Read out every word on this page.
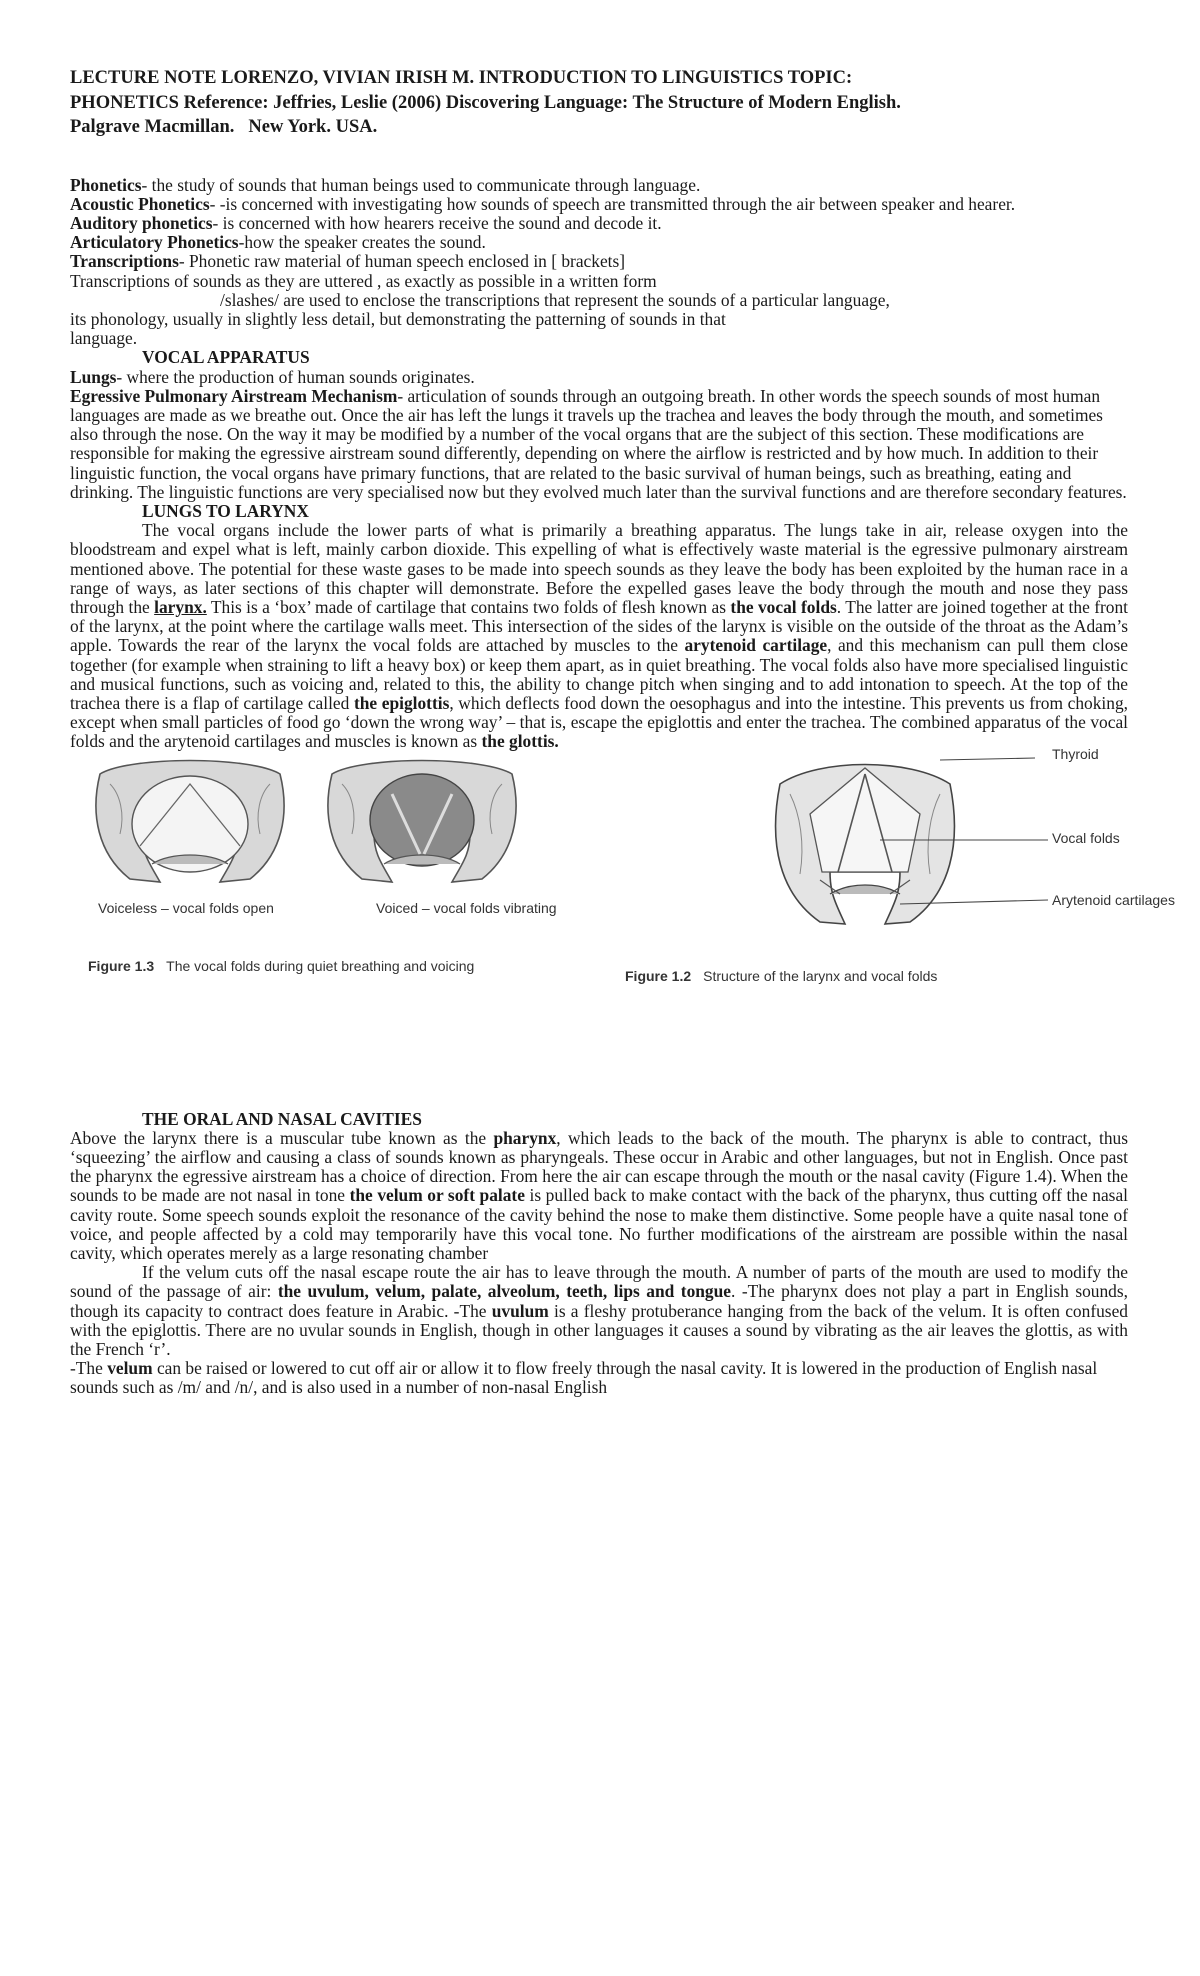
LECTURE NOTE LORENZO, VIVIAN IRISH M. INTRODUCTION TO LINGUISTICS TOPIC:
PHONETICS Reference: Jeffries, Leslie (2006) Discovering Language: The Structure of Modern English.
Palgrave Macmillan. New York. USA.

Phonetics- the study of sounds that human beings used to communicate through language.

Acoustic Phonetics- -is concerned with investigating how sounds of speech are transmitted through the air between speaker and hearer.

Auditory phonetics- is concerned with how hearers receive the sound and decode it.

Articulatory Phonetics-how the speaker creates the sound.

Transcriptions- Phonetic raw material of human speech enclosed in [ brackets]

Transcriptions of sounds as they are uttered , as exactly as possible in a written form

/slashes/ are used to enclose the transcriptions that represent the sounds of a particular language,

its phonology, usually in slightly less detail, but demonstrating the patterning of sounds in that

language.

VOCAL APPARATUS

Lungs- where the production of human sounds originates.

Egressive Pulmonary Airstream Mechanism- articulation of sounds through an outgoing breath. In other words the speech sounds of most human languages are made as we breathe out. Once the air has left the lungs it travels up the trachea and leaves the body through the mouth, and sometimes also through the nose. On the way it may be modified by a number of the vocal organs that are the subject of this section. These modifications are responsible for making the egressive airstream sound differently, depending on where the airflow is restricted and by how much. In addition to their linguistic function, the vocal organs have primary functions, that are related to the basic survival of human beings, such as breathing, eating and drinking. The linguistic functions are very specialised now but they evolved much later than the survival functions and are therefore secondary features.

LUNGS TO LARYNX

The vocal organs include the lower parts of what is primarily a breathing apparatus. The lungs take in air, release oxygen into the bloodstream and expel what is left, mainly carbon dioxide. This expelling of what is effectively waste material is the egressive pulmonary airstream mentioned above. The potential for these waste gases to be made into speech sounds as they leave the body has been exploited by the human race in a range of ways, as later sections of this chapter will demonstrate. Before the expelled gases leave the body through the mouth and nose they pass through the larynx. This is a ‘box’ made of cartilage that contains two folds of flesh known as the vocal folds. The latter are joined together at the front of the larynx, at the point where the cartilage walls meet. This intersection of the sides of the larynx is visible on the outside of the throat as the Adam’s apple. Towards the rear of the larynx the vocal folds are attached by muscles to the arytenoid cartilage, and this mechanism can pull them close together (for example when straining to lift a heavy box) or keep them apart, as in quiet breathing. The vocal folds also have more specialised linguistic and musical functions, such as voicing and, related to this, the ability to change pitch when singing and to add intonation to speech. At the top of the trachea there is a flap of cartilage called the epiglottis, which deflects food down the oesophagus and into the intestine. This prevents us from choking, except when small particles of food go ‘down the wrong way’ – that is, escape the epiglottis and enter the trachea. The combined apparatus of the vocal folds and the arytenoid cartilages and muscles is known as the glottis.

Voiceless – vocal folds open	Voiced – vocal folds vibrating
Figure 1.3 The vocal folds during quiet breathing and voicing
Thyroid
Vocal folds
Arytenoid cartilages
Figure 1.2 Structure of the larynx and vocal folds

THE ORAL AND NASAL CAVITIES

Above the larynx there is a muscular tube known as the pharynx, which leads to the back of the mouth. The pharynx is able to contract, thus ‘squeezing’ the airflow and causing a class of sounds known as pharyngeals. These occur in Arabic and other languages, but not in English. Once past the pharynx the egressive airstream has a choice of direction. From here the air can escape through the mouth or the nasal cavity (Figure 1.4). When the sounds to be made are not nasal in tone the velum or soft palate is pulled back to make contact with the back of the pharynx, thus cutting off the nasal cavity route. Some speech sounds exploit the resonance of the cavity behind the nose to make them distinctive. Some people have a quite nasal tone of voice, and people affected by a cold may temporarily have this vocal tone. No further modifications of the airstream are possible within the nasal cavity, which operates merely as a large resonating chamber

If the velum cuts off the nasal escape route the air has to leave through the mouth. A number of parts of the mouth are used to modify the sound of the passage of air: the uvulum, velum, palate, alveolum, teeth, lips and tongue. -The pharynx does not play a part in English sounds, though its capacity to contract does feature in Arabic. -The uvulum is a fleshy protuberance hanging from the back of the velum. It is often confused with the epiglottis. There are no uvular sounds in English, though in other languages it causes a sound by vibrating as the air leaves the glottis, as with the French ‘r’.

-The velum can be raised or lowered to cut off air or allow it to flow freely through the nasal cavity. It is lowered in the production of English nasal sounds such as /m/ and /n/, and is also used in a number of non-nasal English
